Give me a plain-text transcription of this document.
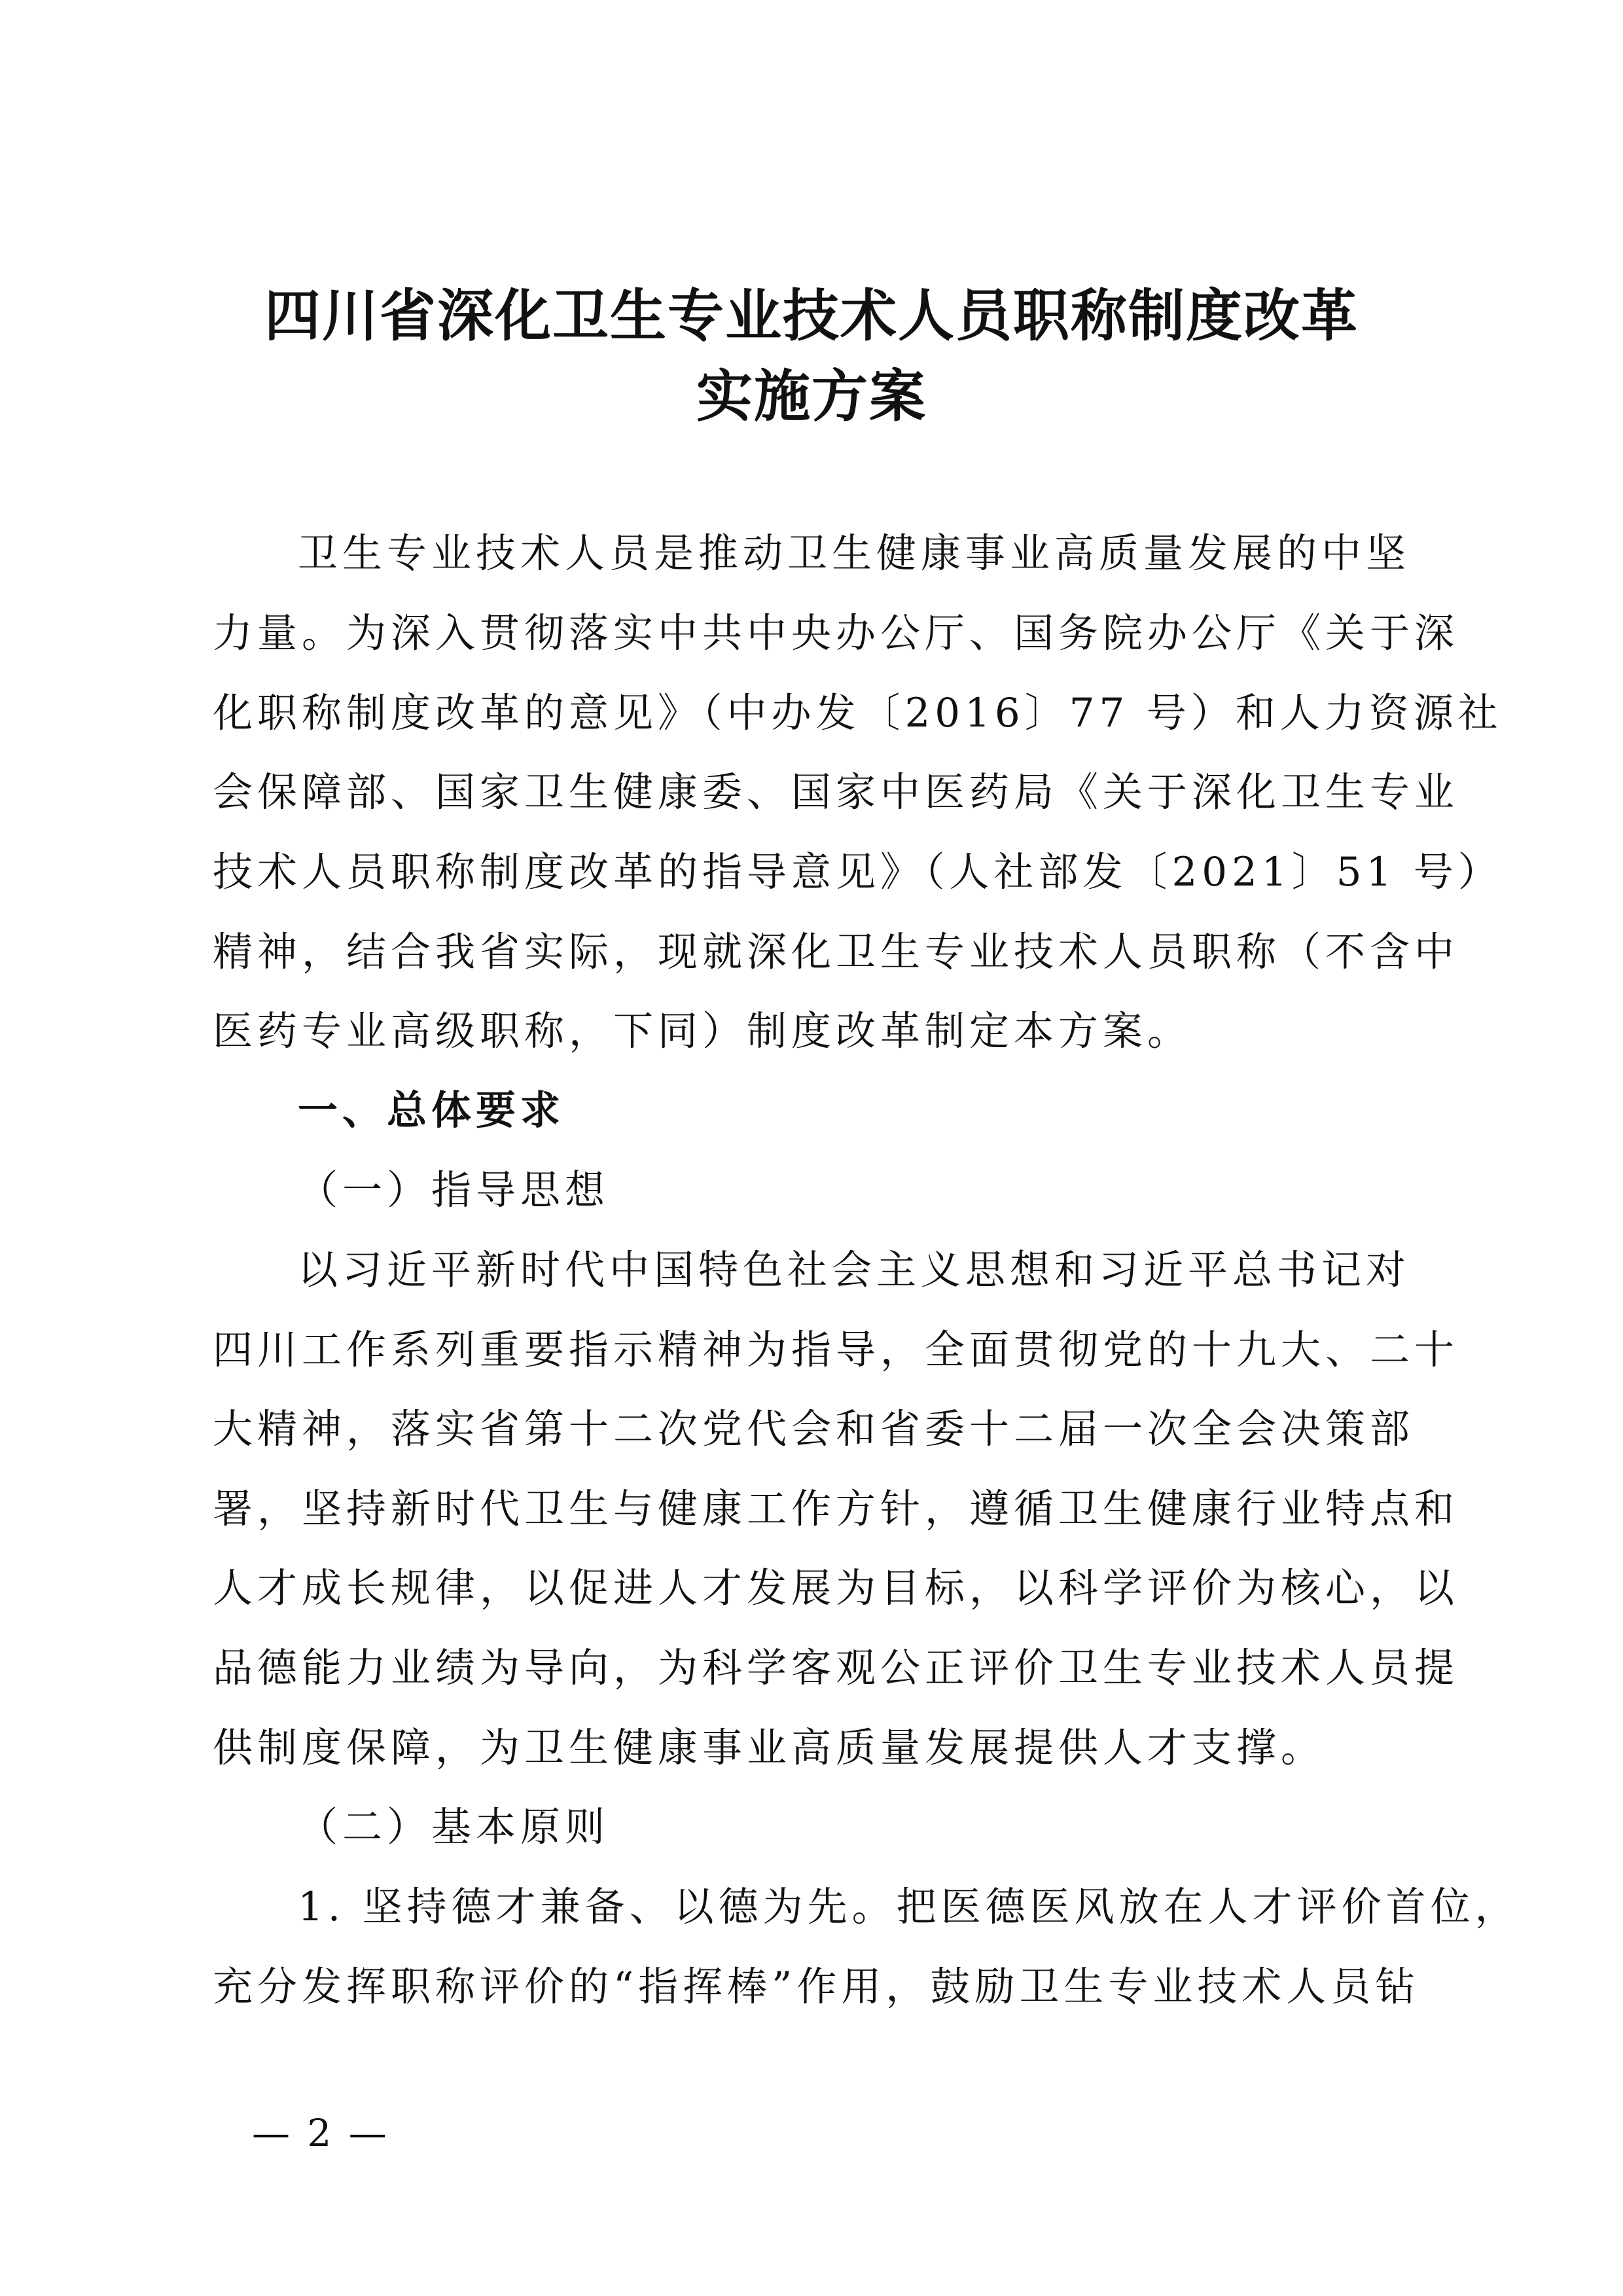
四川省深化卫生专业技术人员职称制度改革
实施方案

卫生专业技术人员是推动卫生健康事业高质量发展的中坚

力量。为深入贯彻落实中共中央办公厅、国务院办公厅《关于深

化职称制度改革的意见》（中办发〔2016〕77 号）和人力资源社

会保障部、国家卫生健康委、国家中医药局《关于深化卫生专业

技术人员职称制度改革的指导意见》（人社部发〔2021〕51 号）

精神，结合我省实际，现就深化卫生专业技术人员职称（不含中

医药专业高级职称，下同）制度改革制定本方案。

一、总体要求

（一）指导思想

以习近平新时代中国特色社会主义思想和习近平总书记对

四川工作系列重要指示精神为指导，全面贯彻党的十九大、二十

大精神，落实省第十二次党代会和省委十二届一次全会决策部

署，坚持新时代卫生与健康工作方针，遵循卫生健康行业特点和

人才成长规律，以促进人才发展为目标，以科学评价为核心，以

品德能力业绩为导向，为科学客观公正评价卫生专业技术人员提

供制度保障，为卫生健康事业高质量发展提供人才支撑。

（二）基本原则

1. 坚持德才兼备、以德为先。把医德医风放在人才评价首位，

充分发挥职称评价的“指挥棒”作用，鼓励卫生专业技术人员钻

— 2 —
